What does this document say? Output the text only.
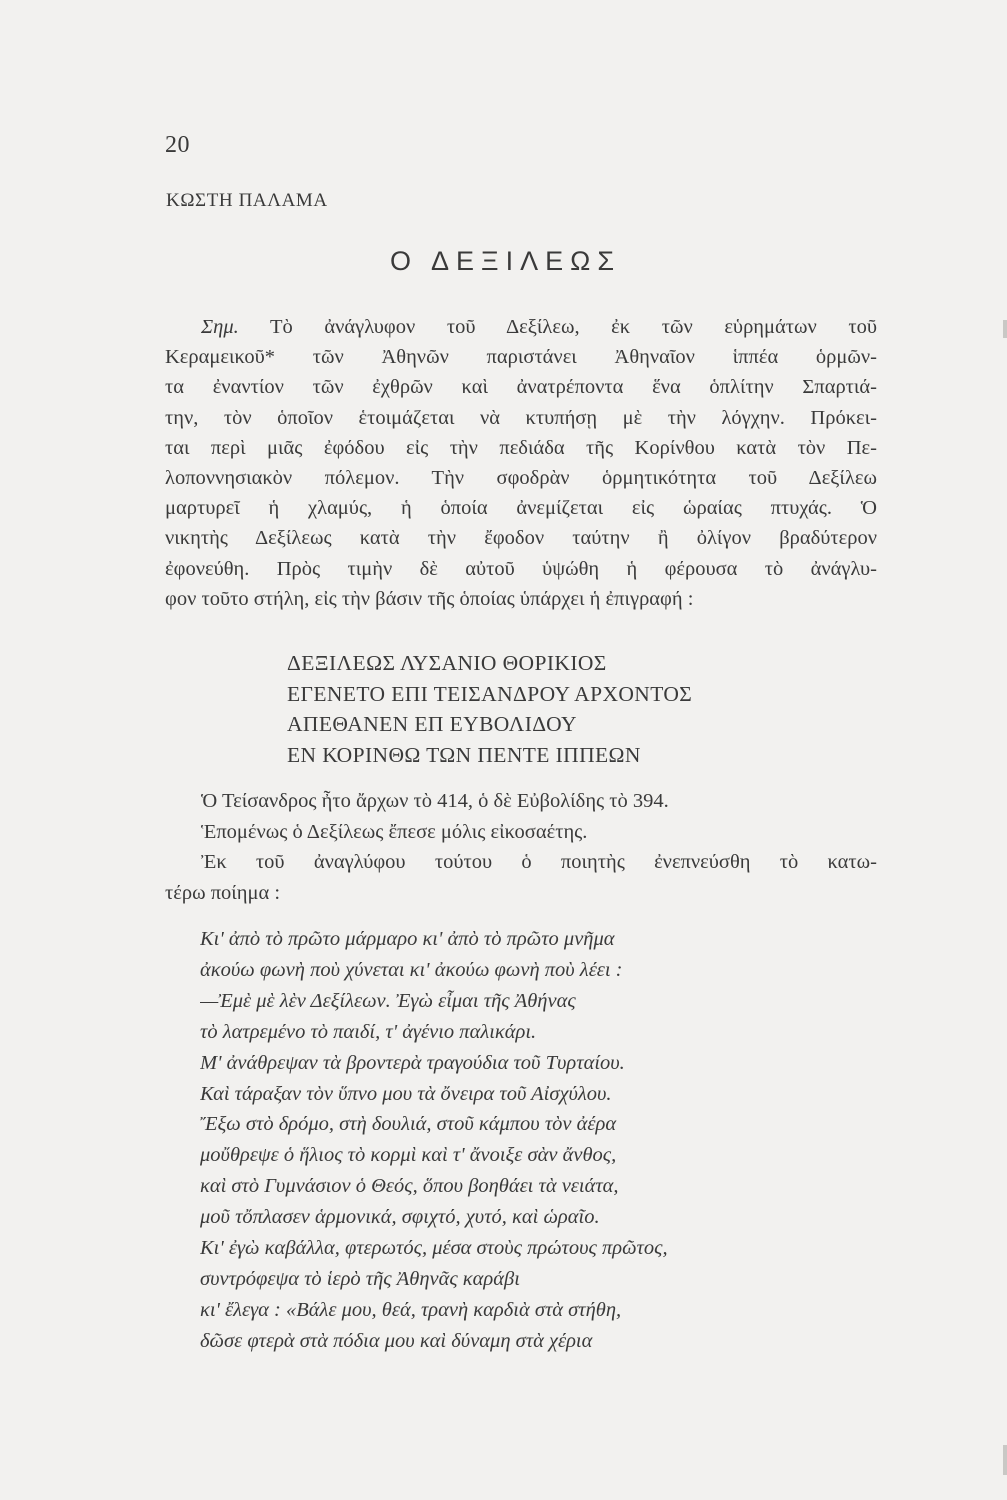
20
ΚΩΣΤΗ ΠΑΛΑΜΑ
Ο ΔΕΞΙΛΕΩΣ
Σημ. Τὸ ἀνάγλυφον τοῦ Δεξίλεω, ἐκ τῶν εὑρημάτων τοῦ
Κεραμεικοῦ* τῶν Ἀθηνῶν παριστάνει Ἀθηναῖον ἱππέα ὁρμῶν-
τα ἐναντίον τῶν ἐχθρῶν καὶ ἀνατρέποντα ἕνα ὁπλίτην Σπαρτιά-
την, τὸν ὁποῖον ἑτοιμάζεται νὰ κτυπήσῃ μὲ τὴν λόγχην. Πρόκει-
ται περὶ μιᾶς ἐφόδου εἰς τὴν πεδιάδα τῆς Κορίνθου κατὰ τὸν Πε-
λοποννησιακὸν πόλεμον. Τὴν σφοδρὰν ὁρμητικότητα τοῦ Δεξίλεω
μαρτυρεῖ ἡ χλαμύς, ἡ ὁποία ἀνεμίζεται εἰς ὡραίας πτυχάς. Ὁ
νικητὴς Δεξίλεως κατὰ τὴν ἔφοδον ταύτην ἢ ὀλίγον βραδύτερον
ἐφονεύθη. Πρὸς τιμὴν δὲ αὐτοῦ ὑψώθη ἡ φέρουσα τὸ ἀνάγλυ-
φον τοῦτο στήλη, εἰς τὴν βάσιν τῆς ὁποίας ὑπάρχει ἡ ἐπιγραφή :
ΔΕΞΙΛΕΩΣ ΛΥΣΑΝΙΟ ΘΟΡΙΚΙΟΣ
ΕΓΕΝΕΤΟ ΕΠΙ ΤΕΙΣΑΝΔΡΟΥ ΑΡΧΟΝΤΟΣ
ΑΠΕΘΑΝΕΝ ΕΠ ΕΥΒΟΛΙΔΟΥ
ΕΝ ΚΟΡΙΝΘΩ ΤΩΝ ΠΕΝΤΕ ΙΠΠΕΩΝ
Ὁ Τείσανδρος ἦτο ἄρχων τὸ 414, ὁ δὲ Εὐβολίδης τὸ 394.
Ἑπομένως ὁ Δεξίλεως ἔπεσε μόλις εἰκοσαέτης.
Ἐκ τοῦ ἀναγλύφου τούτου ὁ ποιητὴς ἐνεπνεύσθη τὸ κατω-
τέρω ποίημα :
Κι' ἀπὸ τὸ πρῶτο μάρμαρο κι' ἀπὸ τὸ πρῶτο μνῆμα
ἀκούω φωνὴ ποὺ χύνεται κι' ἀκούω φωνὴ ποὺ λέει :
—Ἐμὲ μὲ λὲν Δεξίλεων. Ἐγὼ εἶμαι τῆς Ἀθήνας
τὸ λατρεμένο τὸ παιδί, τ' ἀγένιο παλικάρι.
Μ' ἀνάθρεψαν τὰ βροντερὰ τραγούδια τοῦ Τυρταίου.
Καὶ τάραξαν τὸν ὕπνο μου τὰ ὄνειρα τοῦ Αἰσχύλου.
Ἔξω στὸ δρόμο, στὴ δουλιά, στοῦ κάμπου τὸν ἀέρα
μοὔθρεψε ὁ ἥλιος τὸ κορμὶ καὶ τ' ἄνοιξε σὰν ἄνθος,
καὶ στὸ Γυμνάσιον ὁ Θεός, ὅπου βοηθάει τὰ νειάτα,
μοῦ τὄπλασεν ἁρμονικά, σφιχτό, χυτό, καὶ ὡραῖο.
Κι' ἐγὼ καβάλλα, φτερωτός, μέσα στοὺς πρώτους πρῶτος,
συντρόφεψα τὸ ἱερὸ τῆς Ἀθηνᾶς καράβι
κι' ἔλεγα : «Βάλε μου, θεά, τρανὴ καρδιὰ στὰ στήθη,
δῶσε φτερὰ στὰ πόδια μου καὶ δύναμη στὰ χέρια
